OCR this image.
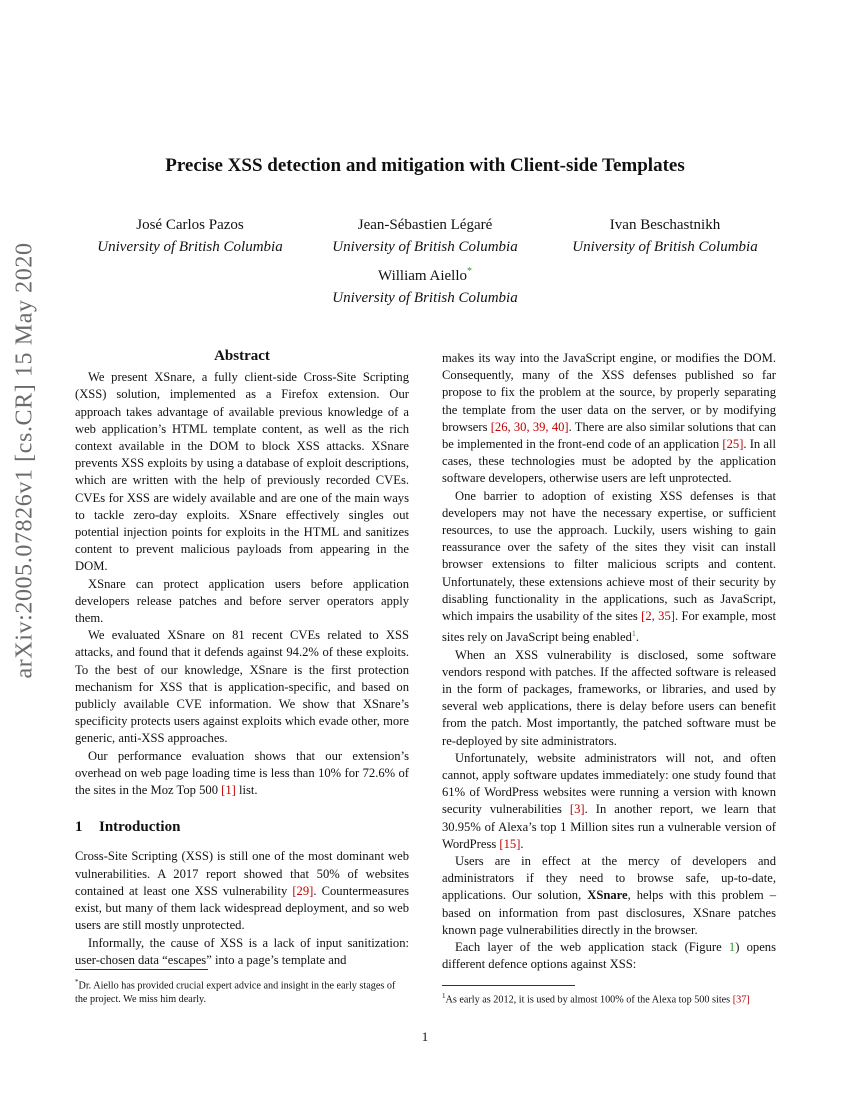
arXiv:2005.07826v1 [cs.CR] 15 May 2020
Precise XSS detection and mitigation with Client-side Templates
José Carlos Pazos
University of British Columbia
Jean-Sébastien Légaré
University of British Columbia
Ivan Beschastnikh
University of British Columbia
William Aiello*
University of British Columbia
Abstract

We present XSnare, a fully client-side Cross-Site Scripting (XSS) solution, implemented as a Firefox extension. Our approach takes advantage of available previous knowledge of a web application’s HTML template content, as well as the rich context available in the DOM to block XSS attacks. XSnare prevents XSS exploits by using a database of exploit descriptions, which are written with the help of previously recorded CVEs. CVEs for XSS are widely available and are one of the main ways to tackle zero-day exploits. XSnare effectively singles out potential injection points for exploits in the HTML and sanitizes content to prevent malicious payloads from appearing in the DOM.

XSnare can protect application users before application developers release patches and before server operators apply them.

We evaluated XSnare on 81 recent CVEs related to XSS attacks, and found that it defends against 94.2% of these exploits. To the best of our knowledge, XSnare is the first protection mechanism for XSS that is application-specific, and based on publicly available CVE information. We show that XSnare’s specificity protects users against exploits which evade other, more generic, anti-XSS approaches.

Our performance evaluation shows that our extension’s overhead on web page loading time is less than 10% for 72.6% of the sites in the Moz Top 500 [1] list.

1 Introduction

Cross-Site Scripting (XSS) is still one of the most dominant web vulnerabilities. A 2017 report showed that 50% of websites contained at least one XSS vulnerability [29]. Countermeasures exist, but many of them lack widespread deployment, and so web users are still mostly unprotected.

Informally, the cause of XSS is a lack of input sanitization: user-chosen data “escapes” into a page’s template and

*Dr. Aiello has provided crucial expert advice and insight in the early stages of the project. We miss him dearly.

makes its way into the JavaScript engine, or modifies the DOM. Consequently, many of the XSS defenses published so far propose to fix the problem at the source, by properly separating the template from the user data on the server, or by modifying browsers [26, 30, 39, 40]. There are also similar solutions that can be implemented in the front-end code of an application [25]. In all cases, these technologies must be adopted by the application software developers, otherwise users are left unprotected.

One barrier to adoption of existing XSS defenses is that developers may not have the necessary expertise, or sufficient resources, to use the approach. Luckily, users wishing to gain reassurance over the safety of the sites they visit can install browser extensions to filter malicious scripts and content. Unfortunately, these extensions achieve most of their security by disabling functionality in the applications, such as JavaScript, which impairs the usability of the sites [2, 35]. For example, most sites rely on JavaScript being enabled$^1$.

When an XSS vulnerability is disclosed, some software vendors respond with patches. If the affected software is released in the form of packages, frameworks, or libraries, and used by several web applications, there is delay before users can benefit from the patch. Most importantly, the patched software must be re-deployed by site administrators.

Unfortunately, website administrators will not, and often cannot, apply software updates immediately: one study found that 61% of WordPress websites were running a version with known security vulnerabilities [3]. In another report, we learn that 30.95% of Alexa’s top 1 Million sites run a vulnerable version of WordPress [15].

Users are in effect at the mercy of developers and administrators if they need to browse safe, up-to-date, applications. Our solution, XSnare, helps with this problem – based on information from past disclosures, XSnare patches known page vulnerabilities directly in the browser.

Each layer of the web application stack (Figure 1) opens different defence options against XSS:

$^1$As early as 2012, it is used by almost 100% of the Alexa top 500 sites [37]
1
